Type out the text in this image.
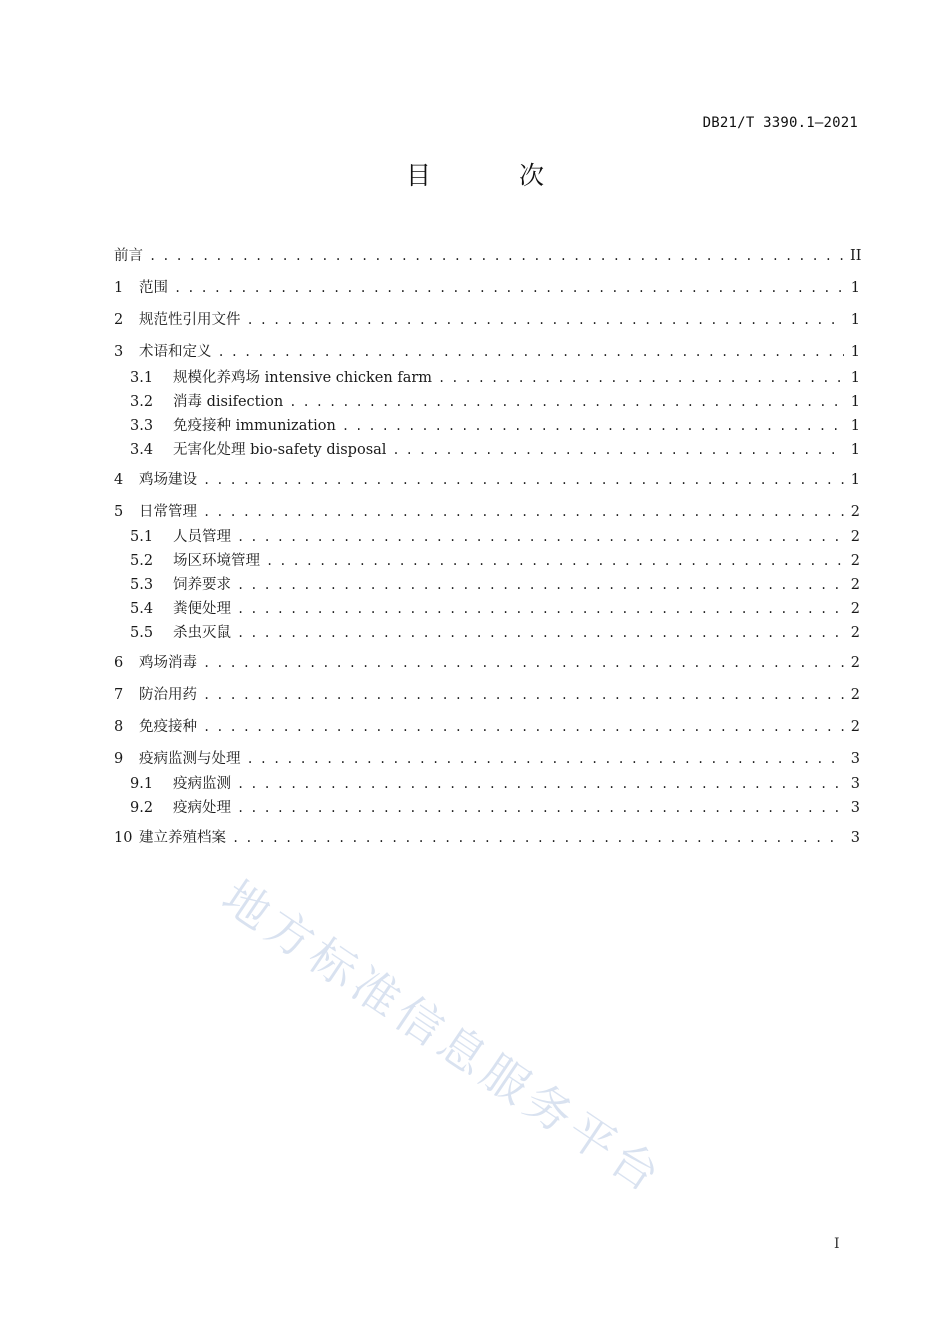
DB21/T 3390.1—2021
目 次
前言 . . .	II
1	范围 . . .	1
2	规范性引用文件 . . .	1
3	术语和定义 . . .	1
3.1	规模化养鸡场 intensive chicken farm . . .	1
3.2	消毒 disifection . . .	1
3.3	免疫接种 immunization . . .	1
3.4	无害化处理 bio-safety disposal . . .	1
4	鸡场建设 . . .	1
5	日常管理 . . .	2
5.1	人员管理 . . .	2
5.2	场区环境管理 . . .	2
5.3	饲养要求 . . .	2
5.4	粪便处理 . . .	2
5.5	杀虫灭鼠 . . .	2
6	鸡场消毒 . . .	2
7	防治用药 . . .	2
8	免疫接种 . . .	2
9	疫病监测与处理 . . .	3
9.1	疫病监测 . . .	3
9.2	疫病处理 . . .	3
10 建立养殖档案 . . .	3
地方标准信息服务平台
I
